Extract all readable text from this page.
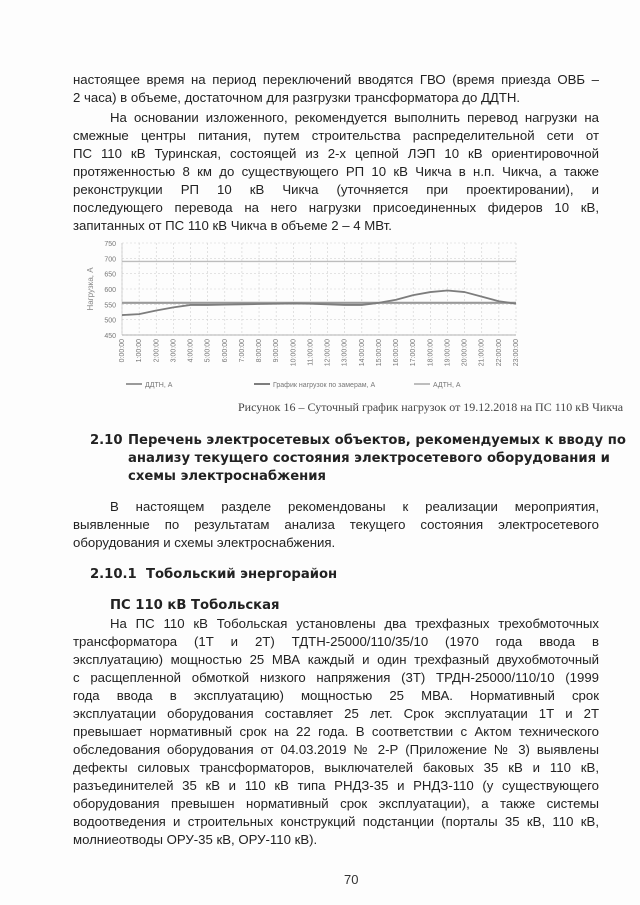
настоящее время на период переключений вводятся ГВО (время приезда ОВБ –
2 часа) в объеме, достаточном для разгрузки трансформатора до ДДТН.
На основании изложенного, рекомендуется выполнить перевод нагрузки на
смежные центры питания, путем строительства распределительной сети от
ПС 110 кВ Туринская, состоящей из 2-х цепной ЛЭП 10 кВ ориентировочной
протяженностью 8 км до существующего РП 10 кВ Чикча в н.п. Чикча, а также
реконструкции РП 10 кВ Чикча (уточняется при проектировании), и
последующего перевода на него нагрузки присоединенных фидеров 10 кВ,
запитанных от ПС 110 кВ Чикча в объеме 2 – 4 МВт.
750
700
650
600
550
500
450
0:00:00 1:00:00 2:00:00 3:00:00 4:00:00 5:00:00 6:00:00 7:00:00 8:00:00 9:00:00 10:00:00 11:00:00 12:00:00 13:00:00 14:00:00 15:00:00 16:00:00 17:00:00 18:00:00 19:00:00 20:00:00 21:00:00 22:00:00 23:00:00
Нагрузка, А
ДДТН, А	График нагрузок по замерам, А	АДТН, А
Рисунок 16 – Суточный график нагрузок от 19.12.2018 на ПС 110 кВ Чикча
2.10 Перечень электросетевых объектов, рекомендуемых к вводу по
анализу текущего состояния электросетевого оборудования и
схемы электроснабжения
В настоящем разделе рекомендованы к реализации мероприятия,
выявленные по результатам анализа текущего состояния электросетевого
оборудования и схемы электроснабжения.
2.10.1 Тобольский энергорайон
ПС 110 кВ Тобольская
На ПС 110 кВ Тобольская установлены два трехфазных трехобмоточных
трансформатора (1Т и 2Т) ТДТН-25000/110/35/10 (1970 года ввода в
эксплуатацию) мощностью 25 МВА каждый и один трехфазный двухобмоточный
с расщепленной обмоткой низкого напряжения (3Т) ТРДН-25000/110/10 (1999
года ввода в эксплуатацию) мощностью 25 МВА. Нормативный срок
эксплуатации оборудования составляет 25 лет. Срок эксплуатации 1Т и 2Т
превышает нормативный срок на 22 года. В соответствии с Актом технического
обследования оборудования от 04.03.2019 № 2-Р (Приложение № 3) выявлены
дефекты силовых трансформаторов, выключателей баковых 35 кВ и 110 кВ,
разъединителей 35 кВ и 110 кВ типа РНДЗ-35 и РНДЗ-110 (у существующего
оборудования превышен нормативный срок эксплуатации), а также системы
водоотведения и строительных конструкций подстанции (порталы 35 кВ, 110 кВ,
молниеотводы ОРУ-35 кВ, ОРУ-110 кВ).
70
